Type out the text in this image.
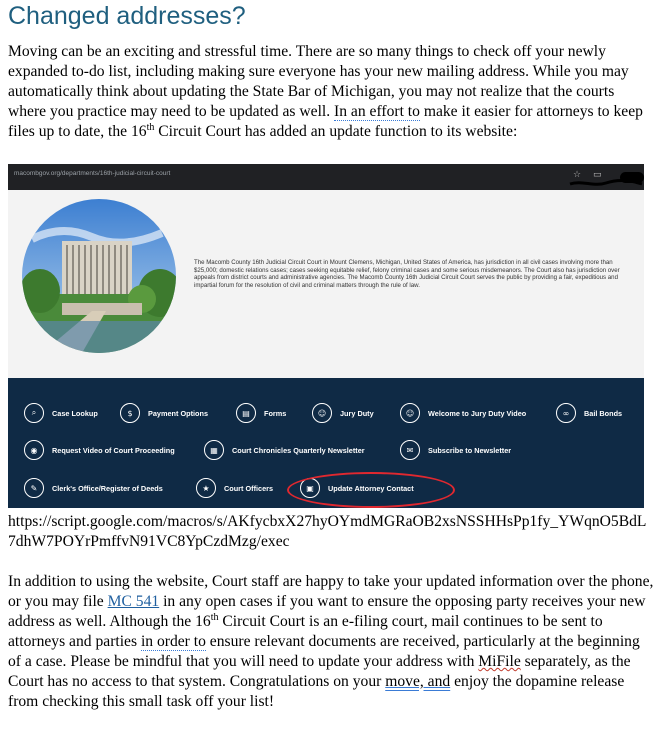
Changed addresses?

Moving can be an exciting and stressful time. There are so many things to check off your newly expanded to-do list, including making sure everyone has your new mailing address. While you may automatically think about updating the State Bar of Michigan, you may not realize that the courts where you practice may need to be updated as well. In an effort to make it easier for attorneys to keep files up to date, the 16th Circuit Court has added an update function to its website:

macombgov.org/departments/16th-judicial-circuit-court	☆ ▭
The Macomb County 16th Judicial Circuit Court in Mount Clemens, Michigan, United States of America, has jurisdiction in all civil cases involving more than $25,000; domestic relations cases; cases seeking equitable relief, felony criminal cases and some serious misdemeanors. The Court also has jurisdiction over appeals from district courts and administrative agencies. The Macomb County 16th Judicial Circuit Court serves the public by providing a fair, expeditious and impartial forum for the resolution of civil and criminal matters through the rule of law.
⌕	Case Lookup	$	Payment Options	▤	Forms	☺	Jury Duty	☺	Welcome to Jury Duty Video	∞	Bail Bonds
◉	Request Video of Court Proceeding	▦	Court Chronicles Quarterly Newsletter	✉	Subscribe to Newsletter
✎	Clerk's Office/Register of Deeds	★	Court Officers	▣	Update Attorney Contact

https://script.google.com/macros/s/AKfycbxX27hyOYmdMGRaOB2xsNSSHHsPp1fy_YWqnO5BdL7dhW7POYrPmffvN91VC8YpCzdMzg/exec

In addition to using the website, Court staff are happy to take your updated information over the phone, or you may file MC 541 in any open cases if you want to ensure the opposing party receives your new address as well. Although the 16th Circuit Court is an e-filing court, mail continues to be sent to attorneys and parties in order to ensure relevant documents are received, particularly at the beginning of a case. Please be mindful that you will need to update your address with MiFile separately, as the Court has no access to that system. Congratulations on your move, and enjoy the dopamine release from checking this small task off your list!
